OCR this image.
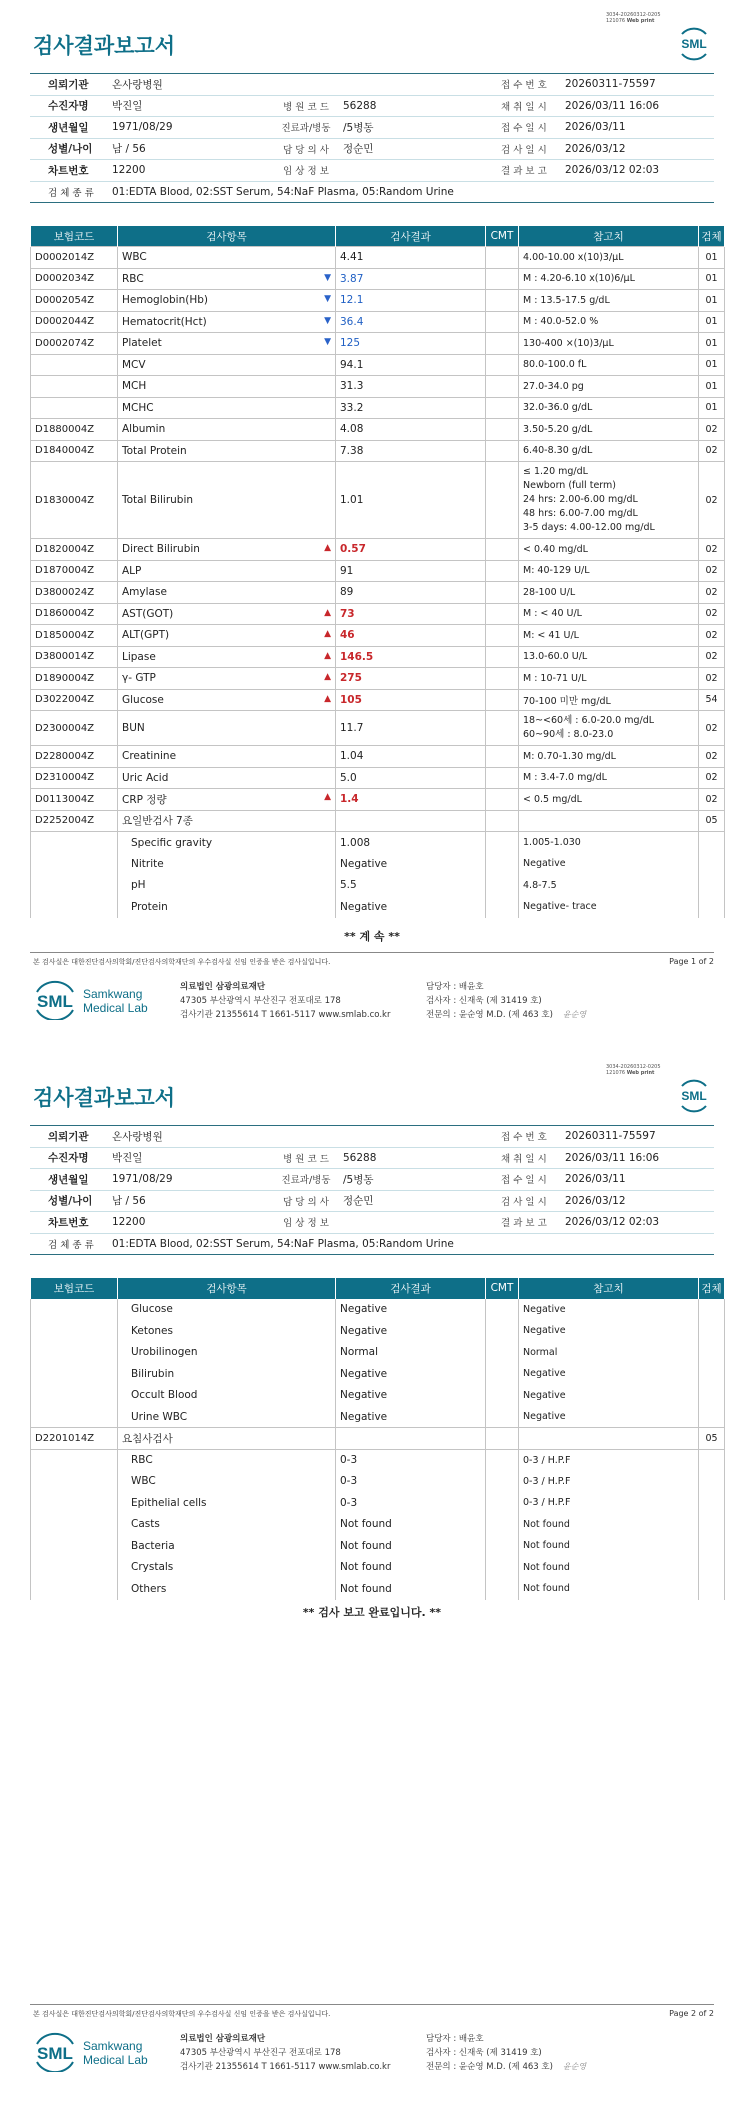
3034-20260312-0205
121076 Web print
검사결과보고서	SML
의뢰기관	온사랑병원			접 수 번 호	20260311-75597
수진자명	박진일	병 원 코 드	56288	채 취 일 시	2026/03/11 16:06
생년월일	1971/08/29	진료과/병동	/5병동	접 수 일 시	2026/03/11
성별/나이	남 / 56	담 당 의 사	정순민	검 사 일 시	2026/03/12
차트번호	12200	임 상 정 보		결 과 보 고	2026/03/12 02:03
검 체 종 류	01:EDTA Blood, 02:SST Serum, 54:NaF Plasma, 05:Random Urine				
보험코드	검사항목	검사결과	CMT	참고치	검체
D0002014Z	WBC	4.41		4.00-10.00 x(10)3/μL	01
D0002034Z	RBC ▼	3.87		M : 4.20-6.10 x(10)6/μL	01
D0002054Z	Hemoglobin(Hb) ▼	12.1		M : 13.5-17.5 g/dL	01
D0002044Z	Hematocrit(Hct) ▼	36.4		M : 40.0-52.0 %	01
D0002074Z	Platelet ▼	125		130-400 ×(10)3/μL	01
	MCV	94.1		80.0-100.0 fL	01
	MCH	31.3		27.0-34.0 pg	01
	MCHC	33.2		32.0-36.0 g/dL	01
D1880004Z	Albumin	4.08		3.50-5.20 g/dL	02
D1840004Z	Total Protein	7.38		6.40-8.30 g/dL	02
D1830004Z	Total Bilirubin	1.01		≤ 1.20 mg/dL
Newborn (full term)
24 hrs: 2.00-6.00 mg/dL
48 hrs: 6.00-7.00 mg/dL
3-5 days: 4.00-12.00 mg/dL	02
D1820004Z	Direct Bilirubin ▲	0.57		< 0.40 mg/dL	02
D1870004Z	ALP	91		M: 40-129 U/L	02
D3800024Z	Amylase	89		28-100 U/L	02
D1860004Z	AST(GOT) ▲	73		M : < 40 U/L	02
D1850004Z	ALT(GPT) ▲	46		M: < 41 U/L	02
D3800014Z	Lipase ▲	146.5		13.0-60.0 U/L	02
D1890004Z	γ- GTP ▲	275		M : 10-71 U/L	02
D3022004Z	Glucose ▲	105		70-100 미만 mg/dL	54
D2300004Z	BUN	11.7		18~<60세 : 6.0-20.0 mg/dL
60~90세 : 8.0-23.0	02
D2280004Z	Creatinine	1.04		M: 0.70-1.30 mg/dL	02
D2310004Z	Uric Acid	5.0		M : 3.4-7.0 mg/dL	02
D0113004Z	CRP 정량 ▲	1.4		< 0.5 mg/dL	02
D2252004Z	요일반검사 7종				05
	Specific gravity	1.008		1.005-1.030	
	Nitrite	Negative		Negative	
	pH	5.5		4.8-7.5	
	Protein	Negative		Negative- trace	
** 계 속 **
본 검사실은 대한진단검사의학회/진단검사의학재단의 우수검사실 신임 인증을 받은 검사실입니다.	Page 1 of 2
SML Samkwang
Medical Lab
의료법인 삼광의료재단
47305 부산광역시 부산진구 전포대로 178
검사기관 21355614 T 1661-5117 www.smlab.co.kr
담당자 : 배윤호
검사자 : 신재욱 (제 31419 호)
전문의 : 윤순영 M.D. (제 463 호) 윤순영
3034-20260312-0205
121076 Web print
검사결과보고서	SML
의뢰기관	온사랑병원			접 수 번 호	20260311-75597
수진자명	박진일	병 원 코 드	56288	채 취 일 시	2026/03/11 16:06
생년월일	1971/08/29	진료과/병동	/5병동	접 수 일 시	2026/03/11
성별/나이	남 / 56	담 당 의 사	정순민	검 사 일 시	2026/03/12
차트번호	12200	임 상 정 보		결 과 보 고	2026/03/12 02:03
검 체 종 류	01:EDTA Blood, 02:SST Serum, 54:NaF Plasma, 05:Random Urine				
보험코드	검사항목	검사결과	CMT	참고치	검체
	Glucose	Negative		Negative	
	Ketones	Negative		Negative	
	Urobilinogen	Normal		Normal	
	Bilirubin	Negative		Negative	
	Occult Blood	Negative		Negative	
	Urine WBC	Negative		Negative	
D2201014Z	요침사검사				05
	RBC	0-3		0-3 / H.P.F	
	WBC	0-3		0-3 / H.P.F	
	Epithelial cells	0-3		0-3 / H.P.F	
	Casts	Not found		Not found	
	Bacteria	Not found		Not found	
	Crystals	Not found		Not found	
	Others	Not found		Not found	
** 검사 보고 완료입니다. **
본 검사실은 대한진단검사의학회/진단검사의학재단의 우수검사실 신임 인증을 받은 검사실입니다.	Page 2 of 2
SML Samkwang
Medical Lab
의료법인 삼광의료재단
47305 부산광역시 부산진구 전포대로 178
검사기관 21355614 T 1661-5117 www.smlab.co.kr
담당자 : 배윤호
검사자 : 신재욱 (제 31419 호)
전문의 : 윤순영 M.D. (제 463 호) 윤순영
